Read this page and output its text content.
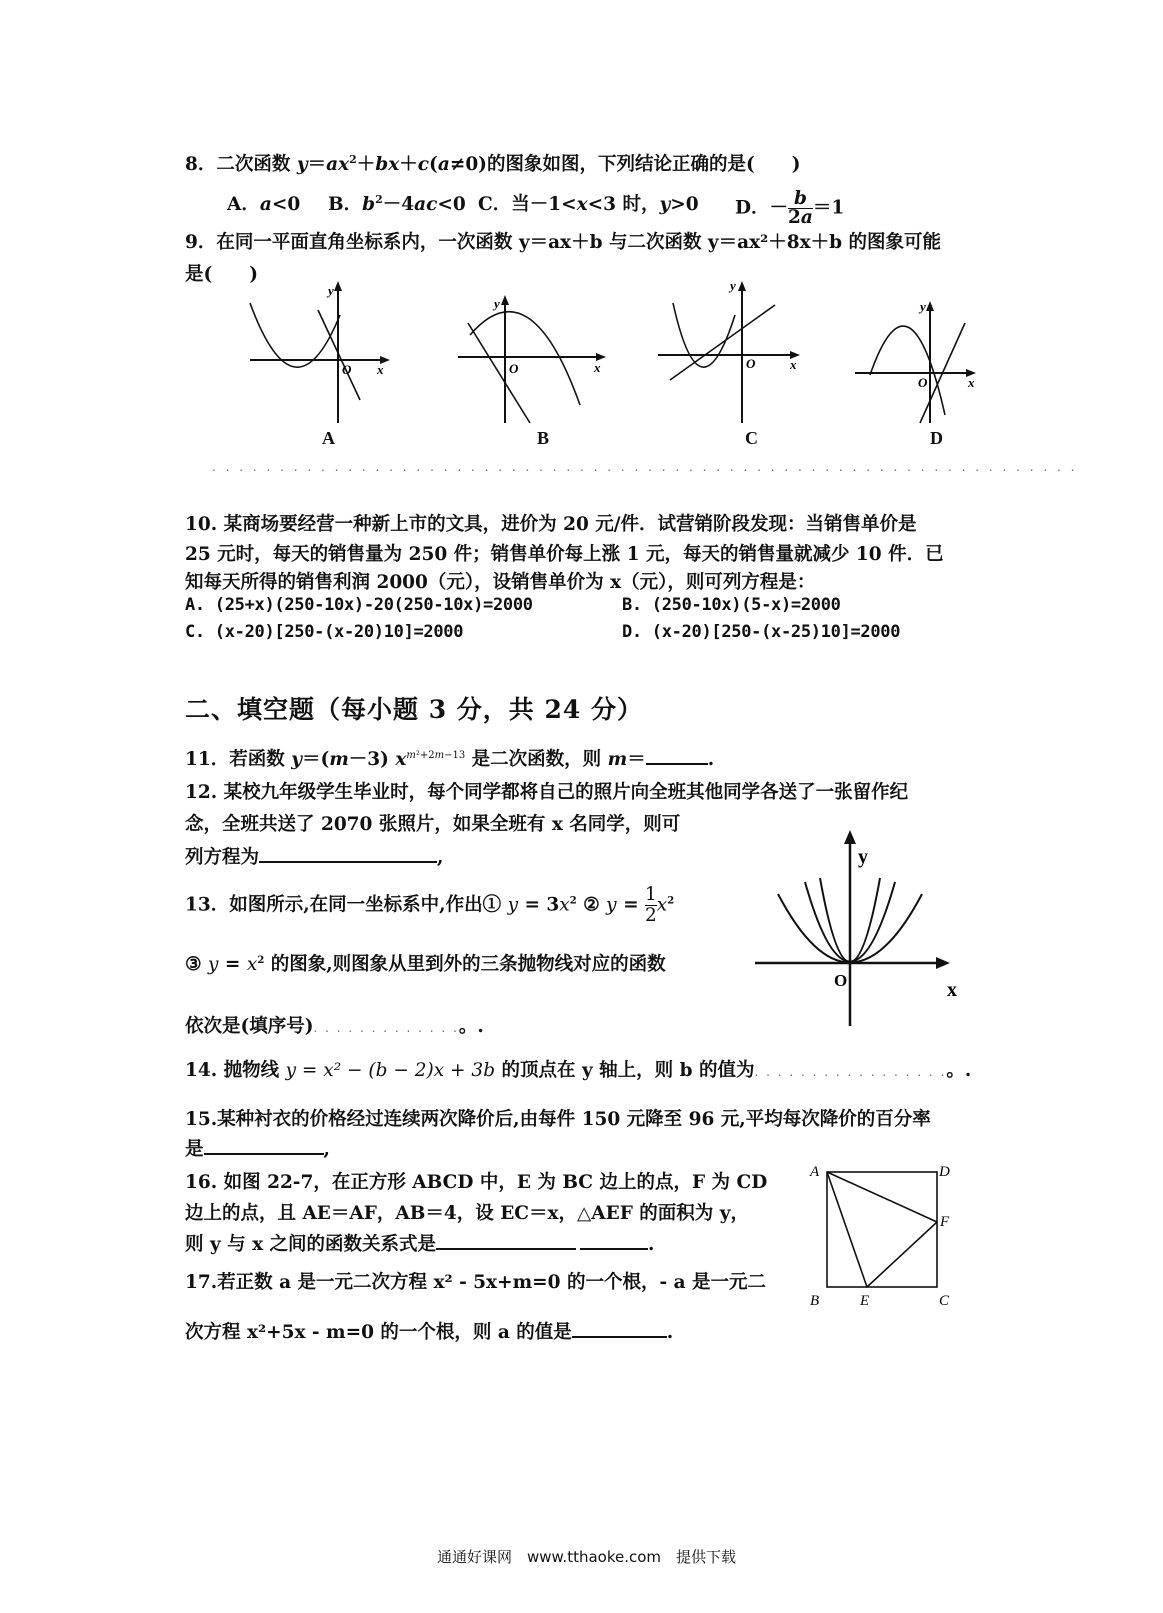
8．二次函数 $y=ax^2+bx+c(a\ne 0)$的图象如图，下列结论正确的是(　　)
A．a<0 B．$b^2-4ac<0$ C．当－1<x<3 时，y>0 D．$-\frac{b}{2a}=1$
9．在同一平面直角坐标系内，一次函数 y＝ax＋b 与二次函数 y＝ax²＋8x＋b 的图象可能
是(　　)
y
O x
y
O	x
y
O	x
y
O	x
A	B	C	D
. . . . . . . . . . . . . . . . . . . . . . . . . . . . . . . . . . . . . . . . . . . . . . . . . . . . . . . . . . . . . . . .
10. 某商场要经营一种新上市的文具，进价为 20 元/件．试营销阶段发现：当销售单价是
25 元时，每天的销售量为 250 件；销售单价每上涨 1 元，每天的销售量就减少 10 件．已
知每天所得的销售利润 2000（元），设销售单价为 x（元），则可列方程是：
A. (25+x)(250-10x)-20(250-10x)=2000	B. (250-10x)(5-x)=2000
C. (x-20)[250-(x-20)10]=2000	D. (x-20)[250-(x-25)10]=2000
二、填空题（每小题 3 分，共 24 分）
11．若函数 y＝(m－3) $x^{m^2+2m-13}$ 是二次函数，则 m＝	.
12. 某校九年级学生毕业时，每个同学都将自己的照片向全班其他同学各送了一张留作纪
念，全班共送了 2070 张照片，如果全班有 x 名同学，则可
列方程为	,
13．如图所示,在同一坐标系中,作出① $y = 3x^2$ ② y = 1
$2x^2$
③ $y = x^2$ 的图象,则图象从里到外的三条抛物线对应的函数
依次是(填序号). . . . . . . . . . . . .。.
y
O	x
14. 抛物线 y = x² − (b − 2)x + 3b 的顶点在 y 轴上，则 b 的值为. . . . . . . . . . . . . . . . .。.
15.某种衬衣的价格经过连续两次降价后,由每件 150 元降至 96 元,平均每次降价的百分率
是	,
16. 如图 22-7，在正方形 ABCD 中，E 为 BC 边上的点，F 为 CD
边上的点，且 AE＝AF，AB＝4，设 EC＝x，△AEF 的面积为 y，
则 y 与 x 之间的函数关系式是	.
A	D
F
B	E	C
17.若正数 a 是一元二次方程 x² - 5x+m=0 的一个根，- a 是一元二
次方程 x²+5x - m=0 的一个根，则 a 的值是	.
通通好课网　www.tthaoke.com　提供下载
